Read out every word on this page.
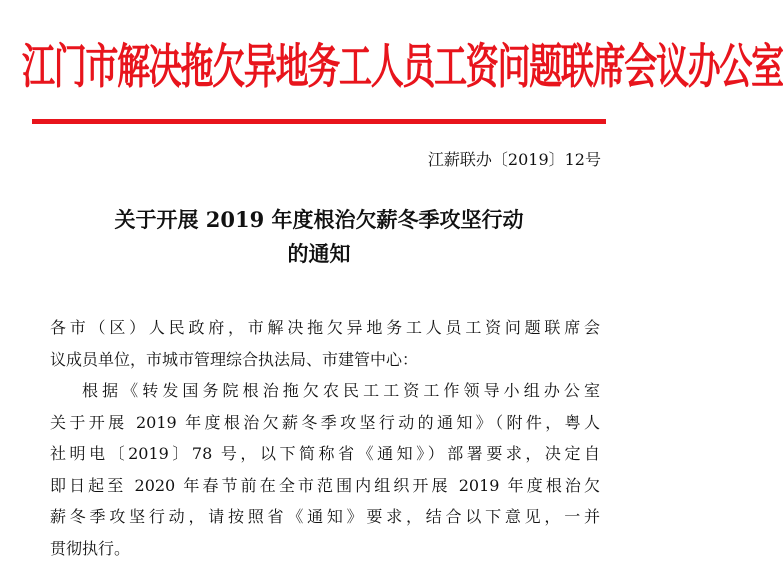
江门市解决拖欠异地务工人员工资问题联席会议办公室
江薪联办〔2019〕12号
关于开展 2019 年度根治欠薪冬季攻坚行动
的通知
各市（区）人民政府，市解决拖欠异地务工人员工资问题联席会
议成员单位，市城市管理综合执法局、市建管中心：
根据《转发国务院根治拖欠农民工工资工作领导小组办公室
关于开展 2019 年度根治欠薪冬季攻坚行动的通知》（附件，粤人
社明电〔2019〕78 号，以下简称省《通知》）部署要求，决定自
即日起至 2020 年春节前在全市范围内组织开展 2019 年度根治欠
薪冬季攻坚行动，请按照省《通知》要求，结合以下意见，一并
贯彻执行。
